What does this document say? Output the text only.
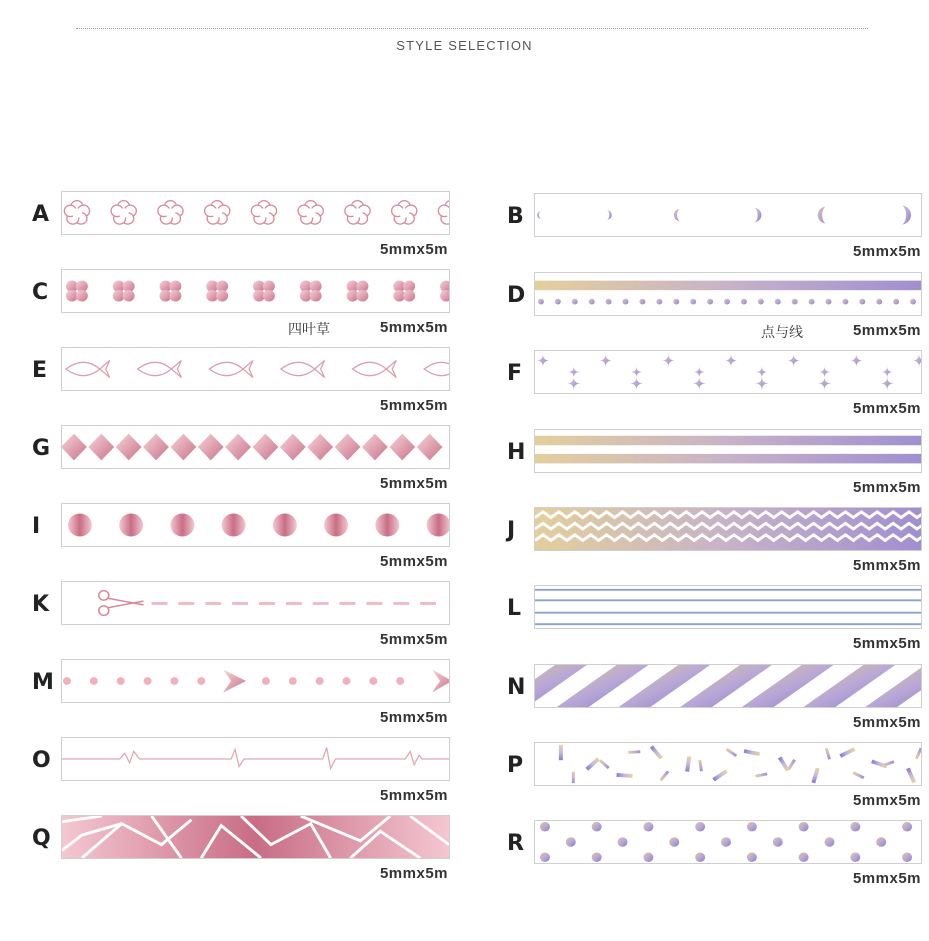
STYLE SELECTION
A
5mmx5m
B
5mmx5m
C
5mmx5m
四叶草
D
5mmx5m
点与线
E
5mmx5m
F
5mmx5m
G
5mmx5m
H
5mmx5m
I
5mmx5m
J
5mmx5m
K
5mmx5m
L
5mmx5m
M
5mmx5m
N
5mmx5m
O
5mmx5m
P
5mmx5m
Q
5mmx5m
R
5mmx5m
